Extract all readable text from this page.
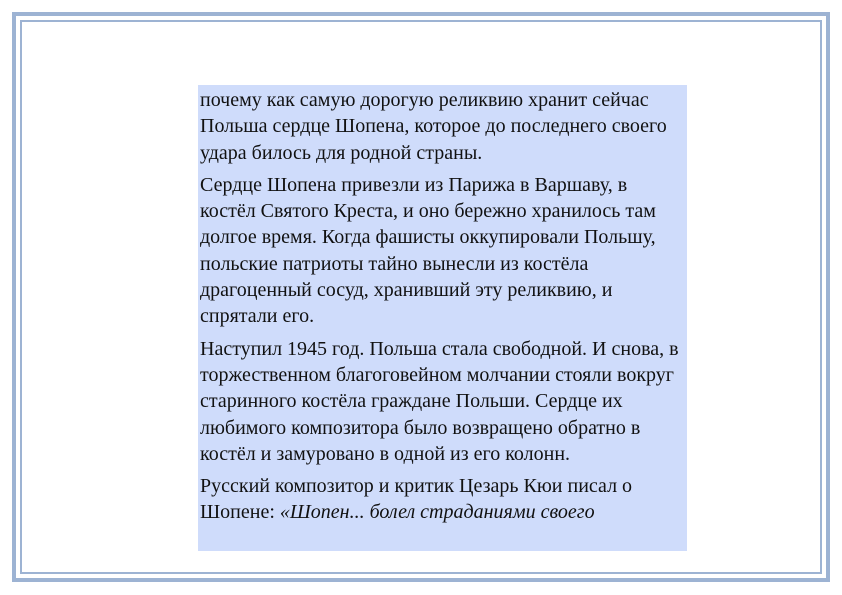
почему как самую дорогую реликвию хранит сейчас Польша сердце Шопена, которое до последнего своего удара билось для родной страны.

Сердце Шопена привезли из Парижа в Варшаву, в костёл Святого Креста, и оно бережно хранилось там долгое время. Когда фашисты оккупировали Польшу, польские патриоты тайно вынесли из костёла драгоценный сосуд, хранивший эту реликвию, и спрятали его.

Наступил 1945 год. Польша стала свободной. И снова, в торжественном благоговейном молчании стояли вокруг старинного костёла граждане Польши. Сердце их любимого композитора было возвращено обратно в костёл и замуровано в одной из его колонн.

Русский композитор и критик Цезарь Кюи писал о Шопене: «Шопен... болел страданиями своего
